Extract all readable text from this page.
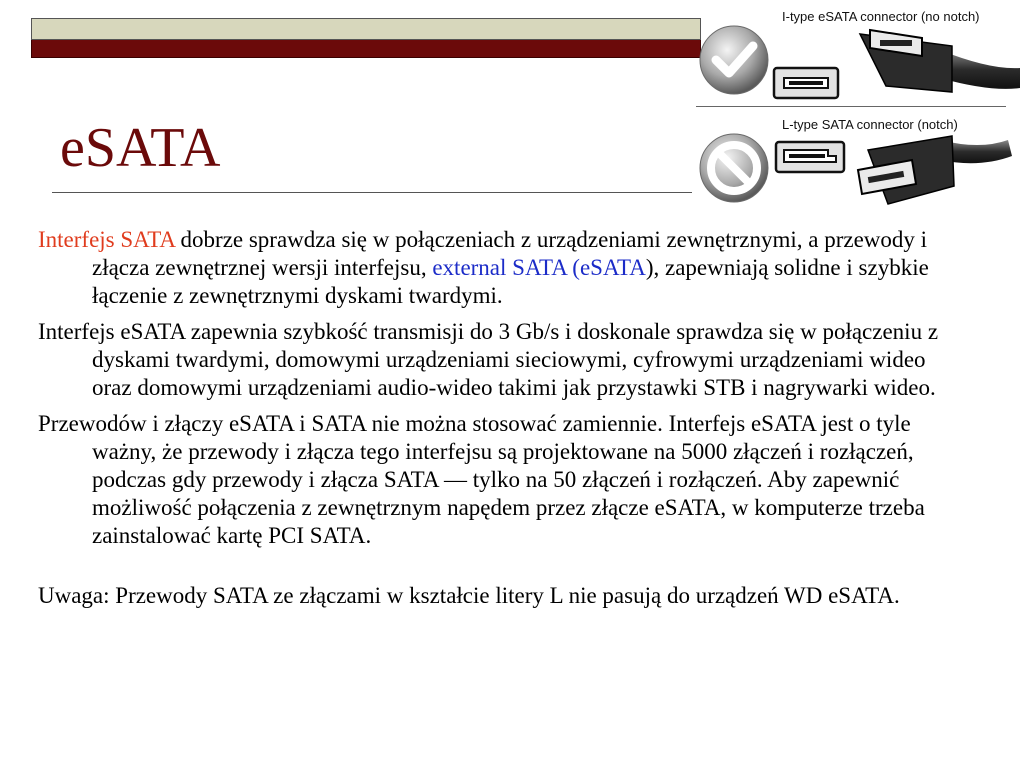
eSATA
I-type eSATA connector (no notch)
L-type SATA connector (notch)

Interfejs SATA dobrze sprawdza się w połączeniach z urządzeniami zewnętrznymi, a przewody i złącza zewnętrznej wersji interfejsu, external SATA (eSATA), zapewniają solidne i szybkie łączenie z zewnętrznymi dyskami twardymi.

Interfejs eSATA zapewnia szybkość transmisji do 3 Gb/s i doskonale sprawdza się w połączeniu z dyskami twardymi, domowymi urządzeniami sieciowymi, cyfrowymi urządzeniami wideo oraz domowymi urządzeniami audio-wideo takimi jak przystawki STB i nagrywarki wideo.

Przewodów i złączy eSATA i SATA nie można stosować zamiennie. Interfejs eSATA jest o tyle ważny, że przewody i złącza tego interfejsu są projektowane na 5000 złączeń i rozłączeń, podczas gdy przewody i złącza SATA — tylko na 50 złączeń i rozłączeń. Aby zapewnić możliwość połączenia z zewnętrznym napędem przez złącze eSATA, w komputerze trzeba zainstalować kartę PCI SATA.

Uwaga: Przewody SATA ze złączami w kształcie litery L nie pasują do urządzeń WD eSATA.
